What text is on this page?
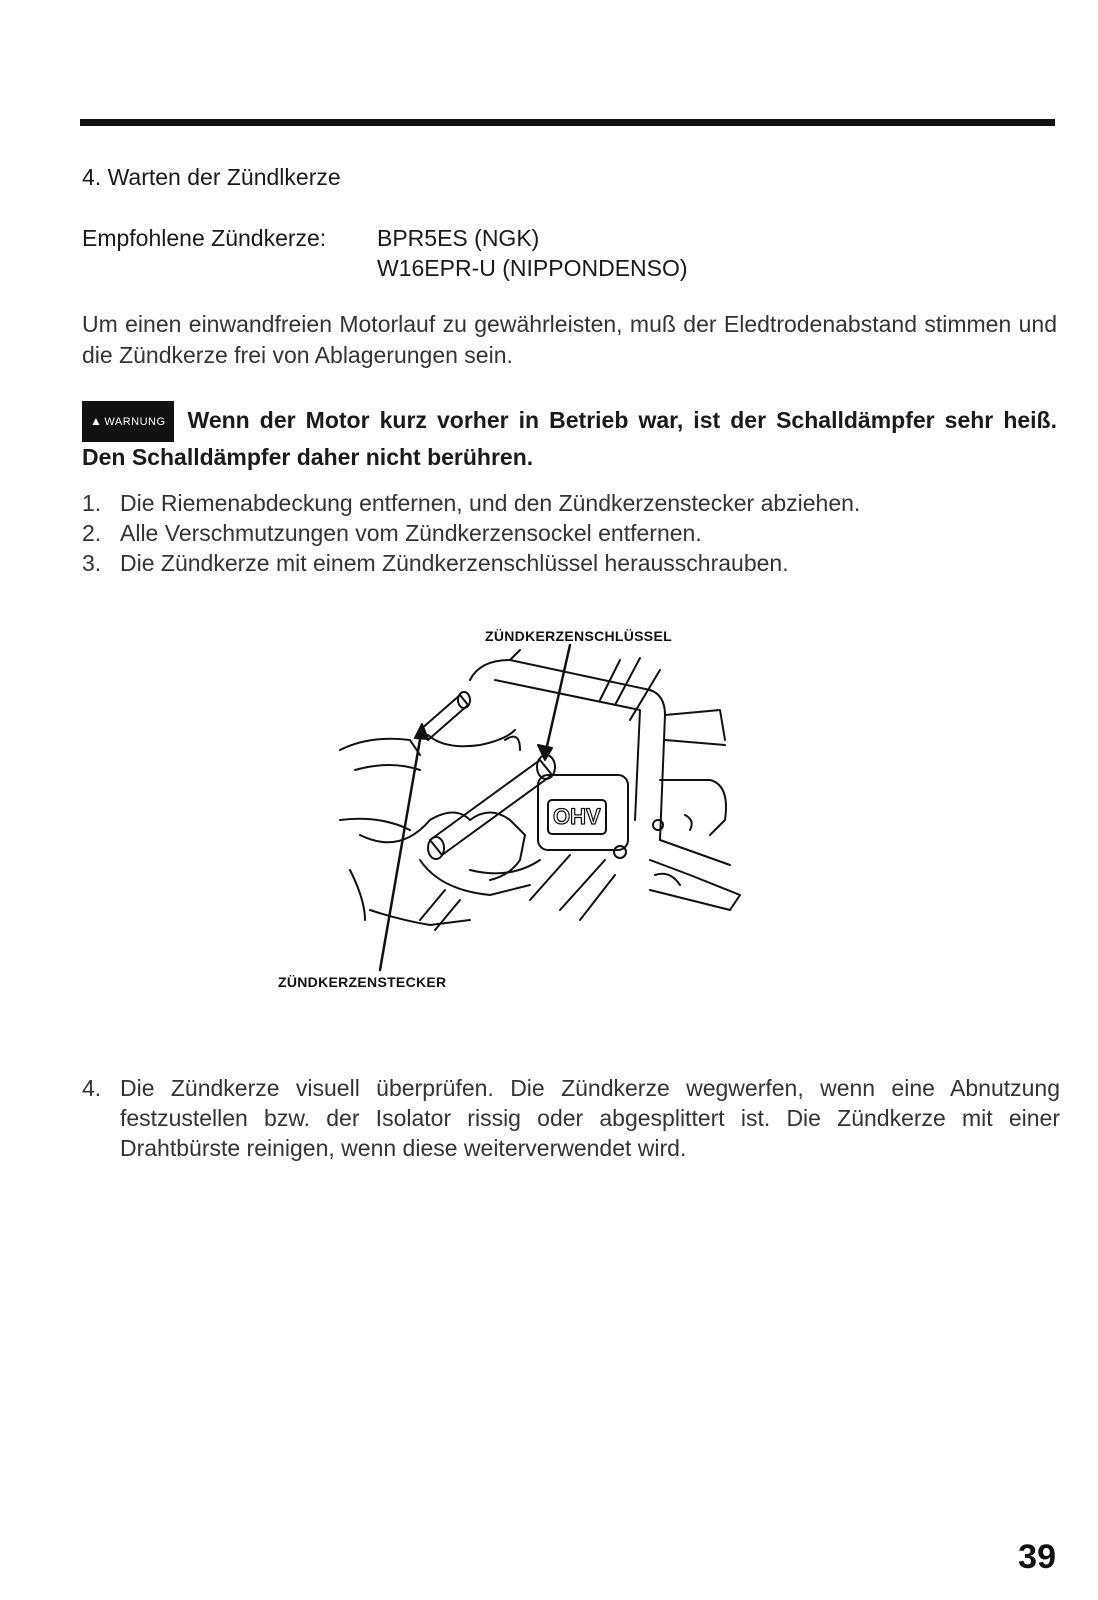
4. Warten der Zündlkerze
Empfohlene Zündkerze: BPR5ES (NGK)
W16EPR-U (NIPPONDENSO)
Um einen einwandfreien Motorlauf zu gewährleisten, muß der Eledtrodenabstand stimmen und die Zündkerze frei von Ablagerungen sein.
▲ WARNUNG Wenn der Motor kurz vorher in Betrieb war, ist der Schalldämpfer sehr heiß. Den Schalldämpfer daher nicht berühren.
1. Die Riemenabdeckung entfernen, und den Zündkerzenstecker abziehen.
2. Alle Verschmutzungen vom Zündkerzensockel entfernen.
3. Die Zündkerze mit einem Zündkerzenschlüssel herausschrauben.
OHV
ZÜNDKERZENSCHLÜSSEL
ZÜNDKERZENSTECKER
4. Die Zündkerze visuell überprüfen. Die Zündkerze wegwerfen, wenn eine Abnutzung festzustellen bzw. der Isolator rissig oder abgesplittert ist. Die Zündkerze mit einer Drahtbürste reinigen, wenn diese weiterverwendet wird.
39
